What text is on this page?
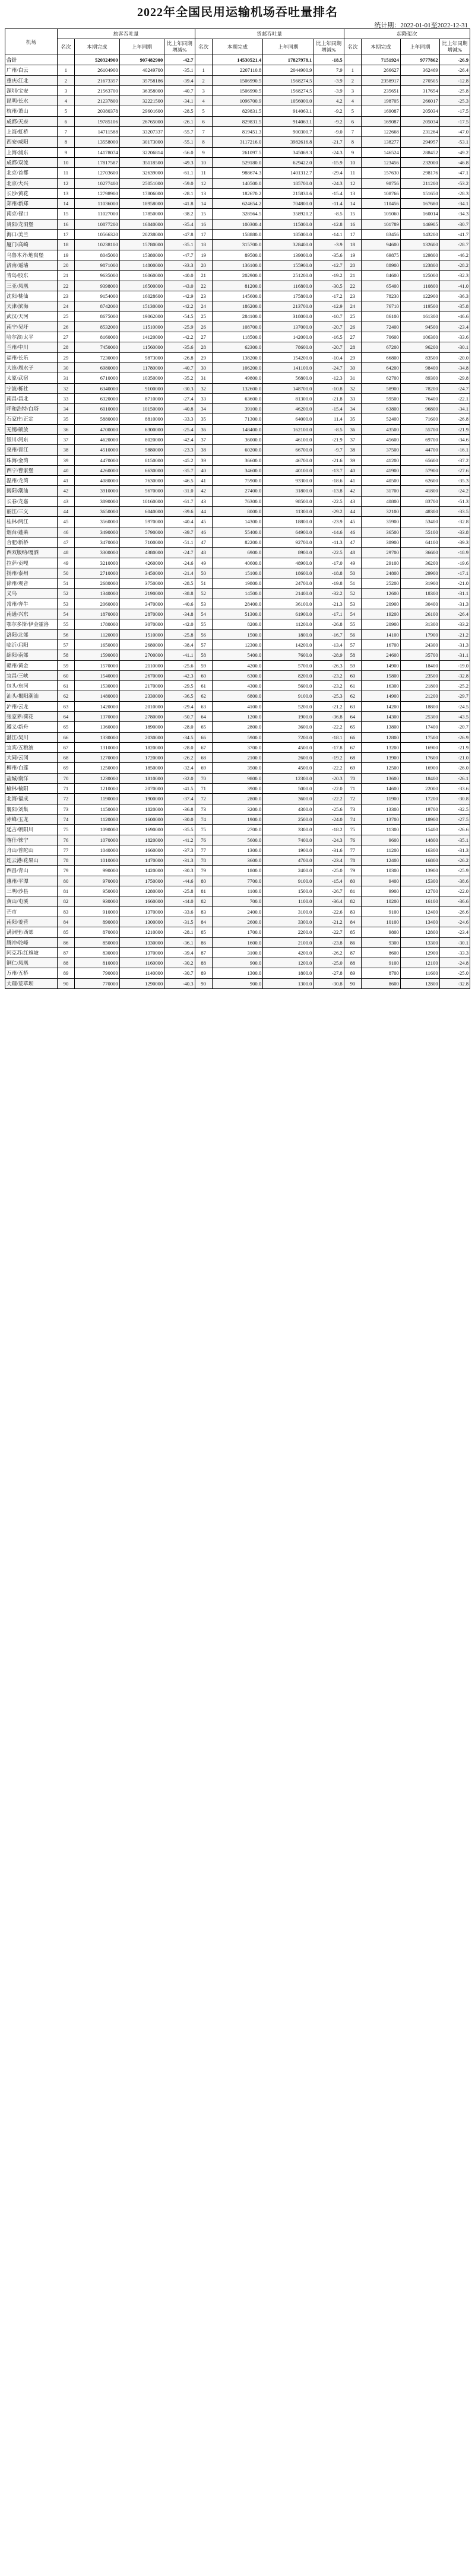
2022年全国民用运输机场吞吐量排名
统计期：2022-01-01至2022-12-31
机场	旅客吞吐量				货邮吞吐量				起降架次			
	名次	本期完成	上年同期	比上年同期增减%	名次	本期完成	上年同期	比上年同期增减%	名次	本期完成	上年同期	比上年同期增减%
合计		520324900	907482900	-42.7		14530521.4	17827978.1	-18.5		7151924	9777862	-26.9
广州/白云	1	26104900	40249700	-35.1	1	2207110.8	2044900.9	7.9	1	266627	362469	-26.4
重庆/江北	2	21673357	35758186	-39.4	2	1506990.5	1568274.5	-3.9	2	2358917	270505	-12.8
深圳/宝安	3	21563700	36358000	-40.7	3	1506990.5	1568274.5	-3.9	3	235651	317654	-25.8
昆明/长水	4	21237800	32221500	-34.1	4	1096700.9	1056000.0	4.2	4	198705	266017	-25.3
杭州/萧山	5	20380378	29601600	-28.5	5	829831.5	914063.1	-9.2	5	169087	205034	-17.5
成都/天府	6	19785106	26765000	-26.1	6	829831.5	914063.1	-9.2	6	169087	205034	-17.5
上海/虹桥	7	14711588	33207337	-55.7	7	819451.3	900300.7	-9.0	7	122668	231264	-47.0
西安/咸阳	8	13558000	30173000	-55.1	8	3117216.0	3982616.8	-21.7	8	138277	294957	-53.1
上海/浦东	9	14178074	32206814	-56.0	9	261097.5	345069.3	-24.3	9	146524	288452	-49.2
成都/双流	10	17817587	35118500	-49.3	10	529180.0	629422.0	-15.9	10	123456	232000	-46.8
北京/首都	11	12703600	32639000	-61.1	11	988674.3	1401312.7	-29.4	11	157630	298176	-47.1
北京/大兴	12	10277400	25051000	-59.0	12	140500.0	185700.0	-24.3	12	98756	211200	-53.2
长沙/黄花	13	12798900	17806000	-28.1	13	182670.2	215830.6	-15.4	13	108766	151650	-28.3
郑州/新郑	14	11036000	18958000	-41.8	14	624654.2	704800.0	-11.4	14	110456	167680	-34.1
南京/禄口	15	11027000	17850000	-38.2	15	328564.5	358920.2	-8.5	15	105060	160014	-34.3
贵阳/龙洞堡	16	10877200	16840000	-35.4	16	100300.4	115000.0	-12.8	16	101789	146905	-30.7
海口/美兰	17	10566320	20238000	-47.8	17	158880.0	185000.0	-14.1	17	83456	143200	-41.7
厦门/高崎	18	10238100	15780000	-35.1	18	315700.0	328400.0	-3.9	18	94600	132600	-28.7
乌鲁木齐/地窝堡	19	8045000	15380000	-47.7	19	89500.0	139000.0	-35.6	19	69875	129800	-46.2
济南/遥墙	20	9871000	14800000	-33.3	20	136100.0	155900.0	-12.7	20	88900	123800	-28.2
青岛/胶东	21	9635000	16060000	-40.0	21	202900.0	251200.0	-19.2	21	84600	125000	-32.3
三亚/凤凰	22	9398000	16500000	-43.0	22	81200.0	116800.0	-30.5	22	65400	110800	-41.0
沈阳/桃仙	23	9154000	16028600	-42.9	23	145600.0	175800.0	-17.2	23	78230	122900	-36.3
天津/滨海	24	8742000	15130000	-42.2	24	186200.0	213700.0	-12.9	24	76710	119500	-35.8
武汉/天河	25	8675000	19062000	-54.5	25	284100.0	318000.0	-10.7	25	86100	161300	-46.6
南宁/吴圩	26	8532000	11510000	-25.9	26	108700.0	137000.0	-20.7	26	72400	94500	-23.4
哈尔滨/太平	27	8160000	14120000	-42.2	27	118500.0	142000.0	-16.5	27	70600	106300	-33.6
兰州/中川	28	7450000	11560000	-35.6	28	62300.0	78600.0	-20.7	28	67200	96200	-30.1
福州/长乐	29	7230000	9873000	-26.8	29	138200.0	154200.0	-10.4	29	66800	83500	-20.0
大连/周水子	30	6980000	11780000	-40.7	30	106200.0	141100.0	-24.7	30	64200	98400	-34.8
太原/武宿	31	6710000	10350000	-35.2	31	49800.0	56800.0	-12.3	31	62700	89300	-29.8
宁波/栎社	32	6340000	9100000	-30.3	32	132600.0	148700.0	-10.8	32	58900	78200	-24.7
南昌/昌北	33	6320000	8710000	-27.4	33	63600.0	81300.0	-21.8	33	59500	76400	-22.1
呼和浩特/白塔	34	6010000	10150000	-40.8	34	39100.0	46200.0	-15.4	34	63800	96800	-34.1
石家庄/正定	35	5880000	8810000	-33.3	35	71300.0	64000.0	11.4	35	52400	71600	-26.8
无锡/硕放	36	4700000	6300000	-25.4	36	148400.0	162100.0	-8.5	36	43500	55700	-21.9
银川/河东	37	4620000	8020000	-42.4	37	36000.0	46100.0	-21.9	37	45600	69700	-34.6
泉州/晋江	38	4510000	5880000	-23.3	38	60200.0	66700.0	-9.7	38	37500	44700	-16.1
珠海/金湾	39	4470000	8150000	-45.2	39	36600.0	46700.0	-21.6	39	41200	65600	-37.2
西宁/曹家堡	40	4260000	6630000	-35.7	40	34600.0	40100.0	-13.7	40	41900	57900	-27.6
温州/龙湾	41	4080000	7630000	-46.5	41	75900.0	93300.0	-18.6	41	40500	62600	-35.3
揭阳/潮汕	42	3910000	5670000	-31.0	42	27400.0	31800.0	-13.8	42	31700	41800	-24.2
长春/龙嘉	43	3890000	10160000	-61.7	43	76300.0	98500.0	-22.5	43	40800	83700	-51.3
丽江/三义	44	3650000	6040000	-39.6	44	8000.0	11300.0	-29.2	44	32100	48300	-33.5
桂林/两江	45	3560000	5970000	-40.4	45	14300.0	18800.0	-23.9	45	35900	53400	-32.8
烟台/蓬莱	46	3490000	5790000	-39.7	46	55400.0	64900.0	-14.6	46	36500	55100	-33.8
合肥/新桥	47	3470000	7100000	-51.1	47	82200.0	92700.0	-11.3	47	38900	64100	-39.3
西双版纳/嘎洒	48	3300000	4380000	-24.7	48	6900.0	8900.0	-22.5	48	29700	36600	-18.9
拉萨/贡嘎	49	3210000	4260000	-24.6	49	40600.0	48900.0	-17.0	49	29100	36200	-19.6
扬州/泰州	50	2710000	3450000	-21.4	50	15100.0	18600.0	-18.8	50	24800	29900	-17.1
徐州/观音	51	2680000	3750000	-28.5	51	19800.0	24700.0	-19.8	51	25200	31900	-21.0
义乌	52	1340000	2190000	-38.8	52	14500.0	21400.0	-32.2	52	12600	18300	-31.1
常州/奔牛	53	2060000	3470000	-40.6	53	28400.0	36100.0	-21.3	53	20900	30400	-31.3
南通/兴东	54	1870000	2870000	-34.8	54	51300.0	61900.0	-17.1	54	19200	26100	-26.4
鄂尔多斯/伊金霍洛	55	1780000	3070000	-42.0	55	8200.0	11200.0	-26.8	55	20900	31300	-33.2
洛阳/北郊	56	1120000	1510000	-25.8	56	1500.0	1800.0	-16.7	56	14100	17900	-21.2
临沂/启阳	57	1650000	2680000	-38.4	57	12300.0	14200.0	-13.4	57	16700	24300	-31.3
绵阳/南郊	58	1590000	2700000	-41.1	58	5400.0	7600.0	-28.9	58	24600	35700	-31.1
赣州/黄金	59	1570000	2110000	-25.6	59	4200.0	5700.0	-26.3	59	14900	18400	-19.0
宜昌/三峡	60	1540000	2670000	-42.3	60	6300.0	8200.0	-23.2	60	15800	23500	-32.8
包头/东河	61	1530000	2170000	-29.5	61	4300.0	5600.0	-23.2	61	16300	21800	-25.2
汕头/揭阳潮汕	62	1480000	2330000	-36.5	62	6800.0	9100.0	-25.3	62	14900	21200	-29.7
泸州/云龙	63	1420000	2010000	-29.4	63	4100.0	5200.0	-21.2	63	14200	18800	-24.5
张家界/荷花	64	1370000	2780000	-50.7	64	1200.0	1900.0	-36.8	64	14300	25300	-43.5
遵义/新舟	65	1360000	1890000	-28.0	65	2800.0	3600.0	-22.2	65	13800	17400	-20.7
湛江/吴川	66	1330000	2030000	-34.5	66	5900.0	7200.0	-18.1	66	12800	17500	-26.9
宜宾/五粮液	67	1310000	1820000	-28.0	67	3700.0	4500.0	-17.8	67	13200	16900	-21.9
大同/云冈	68	1270000	1720000	-26.2	68	2100.0	2600.0	-19.2	68	13900	17600	-21.0
柳州/白莲	69	1250000	1850000	-32.4	69	3500.0	4500.0	-22.2	69	12500	16900	-26.0
盐城/南洋	70	1230000	1810000	-32.0	70	9800.0	12300.0	-20.3	70	13600	18400	-26.1
榆林/榆阳	71	1210000	2070000	-41.5	71	3900.0	5000.0	-22.0	71	14600	22000	-33.6
北海/福成	72	1190000	1900000	-37.4	72	2800.0	3600.0	-22.2	72	11900	17200	-30.8
襄阳/刘集	73	1150000	1820000	-36.8	73	3200.0	4300.0	-25.6	73	13300	19700	-32.5
赤峰/玉龙	74	1120000	1600000	-30.0	74	1900.0	2500.0	-24.0	74	13700	18900	-27.5
延吉/朝阳川	75	1090000	1690000	-35.5	75	2700.0	3300.0	-18.2	75	11300	15400	-26.6
喀什/徕宁	76	1070000	1820000	-41.2	76	5600.0	7400.0	-24.3	76	9600	14800	-35.1
舟山/普陀山	77	1040000	1660000	-37.3	77	1300.0	1900.0	-31.6	77	11200	16300	-31.3
连云港/花果山	78	1010000	1470000	-31.3	78	3600.0	4700.0	-23.4	78	12400	16800	-26.2
西昌/青山	79	990000	1420000	-30.3	79	1800.0	2400.0	-25.0	79	10300	13900	-25.9
惠州/平潭	80	970000	1750000	-44.6	80	7700.0	9100.0	-15.4	80	9400	15300	-38.6
三明/沙县	81	950000	1280000	-25.8	81	1100.0	1500.0	-26.7	81	9900	12700	-22.0
黄山/屯溪	82	930000	1660000	-44.0	82	700.0	1100.0	-36.4	82	10200	16100	-36.6
芒市	83	910000	1370000	-33.6	83	2400.0	3100.0	-22.6	83	9100	12400	-26.6
南阳/姜营	84	890000	1300000	-31.5	84	2600.0	3300.0	-21.2	84	10100	13400	-24.6
满洲里/西郊	85	870000	1210000	-28.1	85	1700.0	2200.0	-22.7	85	9800	12800	-23.4
腾冲/驼峰	86	850000	1330000	-36.1	86	1600.0	2100.0	-23.8	86	9300	13300	-30.1
阿克苏/红旗坡	87	830000	1370000	-39.4	87	3100.0	4200.0	-26.2	87	8600	12900	-33.3
铜仁/凤凰	88	810000	1160000	-30.2	88	900.0	1200.0	-25.0	88	9100	12100	-24.8
万州/五桥	89	790000	1140000	-30.7	89	1300.0	1800.0	-27.8	89	8700	11600	-25.0
大理/荒草坝	90	770000	1290000	-40.3	90	900.0	1300.0	-30.8	90	8600	12800	-32.8
